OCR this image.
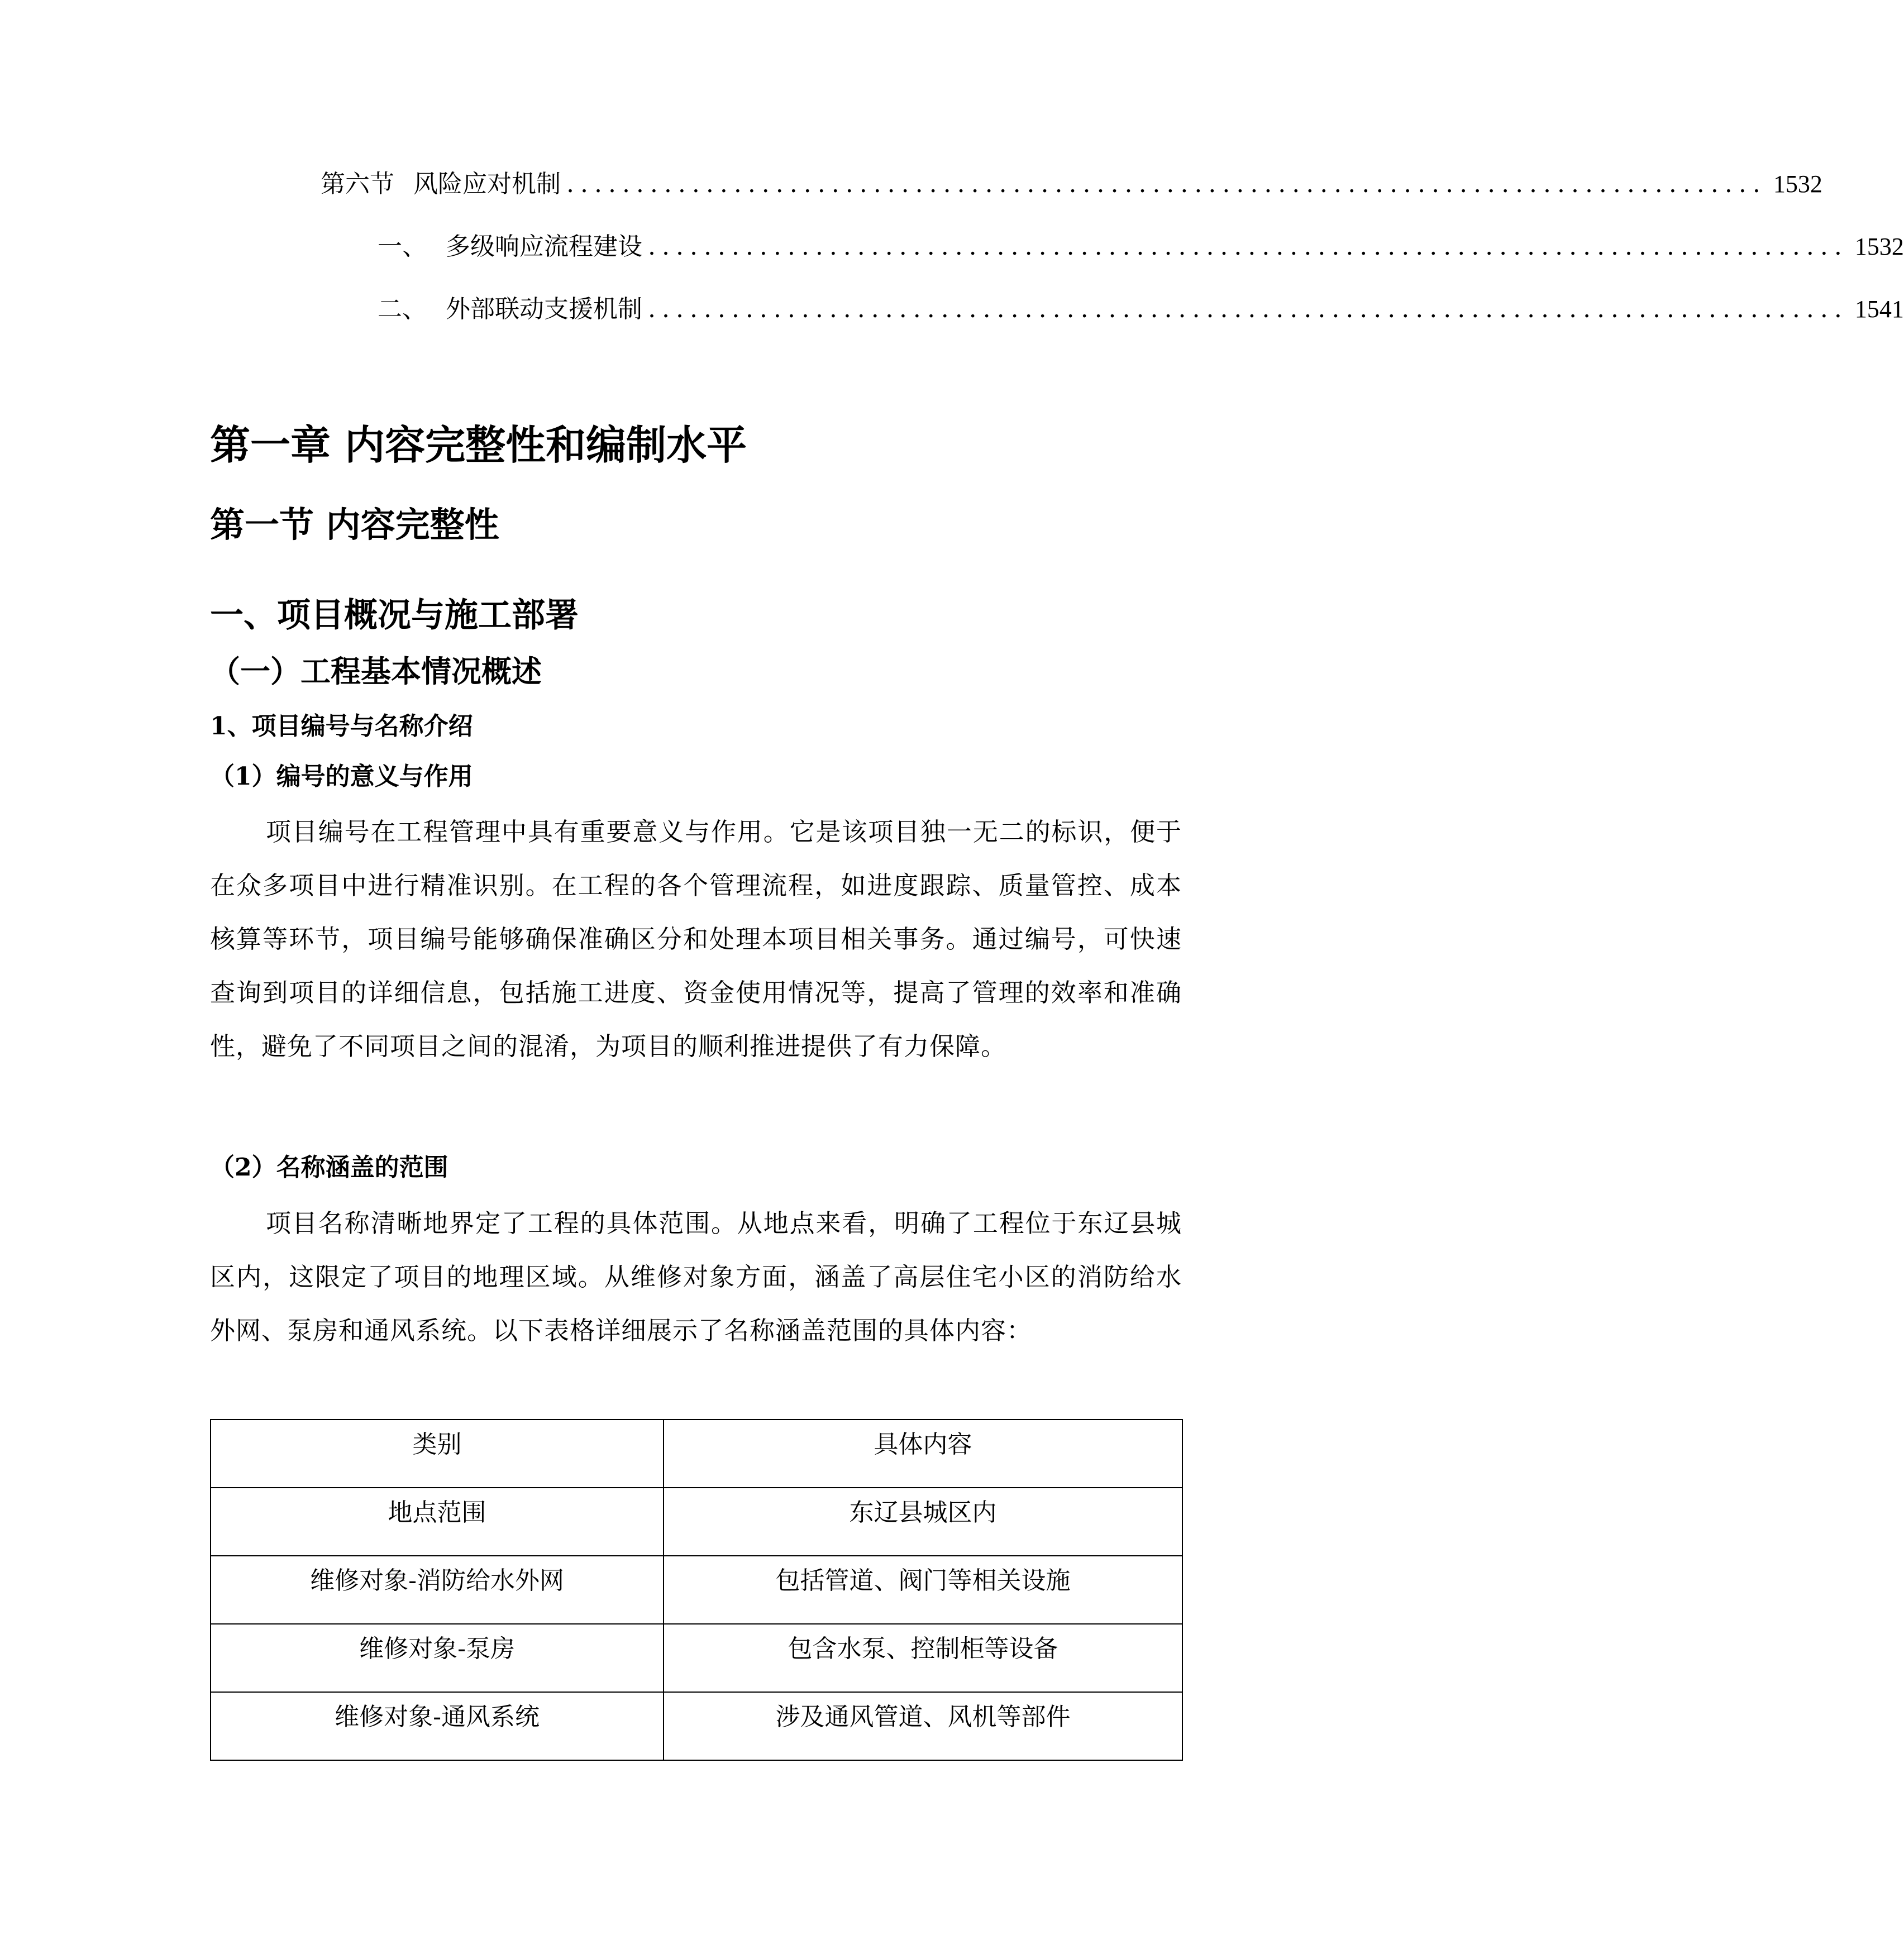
第六节 风险应对机制 ...................................................................................... 1532
一、 多级响应流程建设 ...................................................................................... 1532
二、 外部联动支援机制 ...................................................................................... 1541
第一章 内容完整性和编制水平
第一节 内容完整性
一、项目概况与施工部署
（一）工程基本情况概述
1、项目编号与名称介绍
（1）编号的意义与作用

项目编号在工程管理中具有重要意义与作用。它是该项目独一无二的标识，便于在众多项目中进行精准识别。在工程的各个管理流程，如进度跟踪、质量管控、成本核算等环节，项目编号能够确保准确区分和处理本项目相关事务。通过编号，可快速查询到项目的详细信息，包括施工进度、资金使用情况等，提高了管理的效率和准确性，避免了不同项目之间的混淆，为项目的顺利推进提供了有力保障。

（2）名称涵盖的范围

项目名称清晰地界定了工程的具体范围。从地点来看，明确了工程位于东辽县城区内，这限定了项目的地理区域。从维修对象方面，涵盖了高层住宅小区的消防给水外网、泵房和通风系统。以下表格详细展示了名称涵盖范围的具体内容：

类别	具体内容
地点范围	东辽县城区内
维修对象-消防给水外网	包括管道、阀门等相关设施
维修对象-泵房	包含水泵、控制柜等设备
维修对象-通风系统	涉及通风管道、风机等部件
